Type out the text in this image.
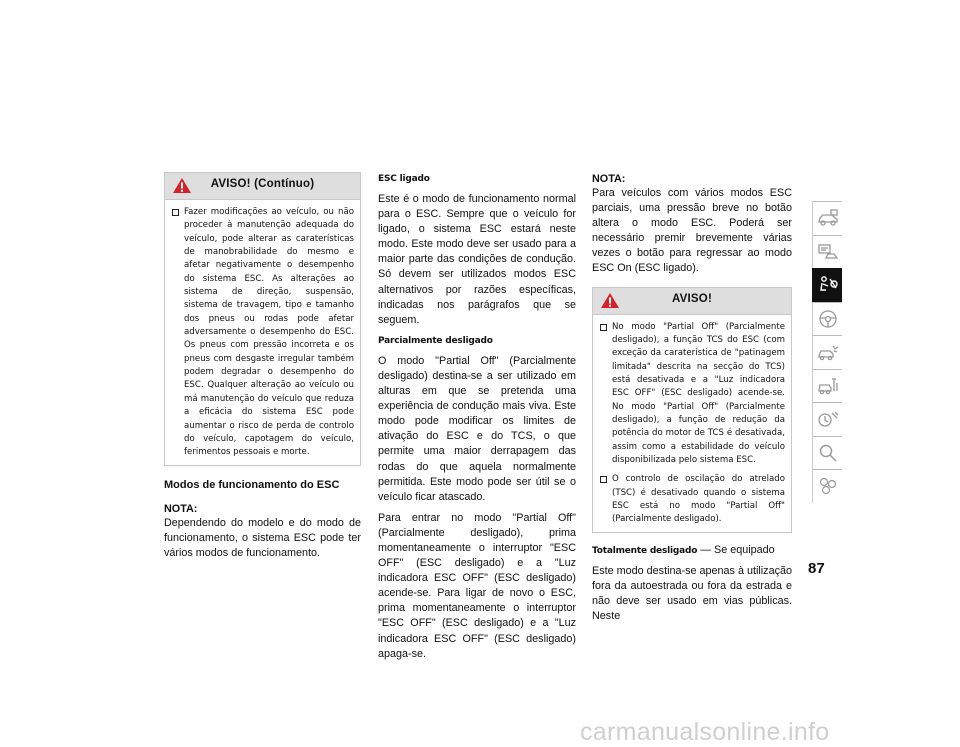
AVISO! (Contínuo)
Fazer modificações ao veículo, ou não proceder à manutenção adequada do veículo, pode alterar as caraterísticas de manobrabilidade do mesmo e afetar negativamente o desempenho do sistema ESC. As alterações ao sistema de direção, suspensão, sistema de travagem, tipo e tamanho dos pneus ou rodas pode afetar adversamente o desempenho do ESC. Os pneus com pressão incorreta e os pneus com desgaste irregular também podem degradar o desempenho do ESC. Qualquer alteração ao veículo ou má manutenção do veículo que reduza a eficácia do sistema ESC pode aumentar o risco de perda de controlo do veículo, capotagem do veículo, ferimentos pessoais e morte.
Modos de funcionamento do ESC
NOTA:

Dependendo do modelo e do modo de funcionamento, o sistema ESC pode ter vários modos de funcionamento.

ESC ligado

Este é o modo de funcionamento normal para o ESC. Sempre que o veículo for ligado, o sistema ESC estará neste modo. Este modo deve ser usado para a maior parte das condições de condução. Só devem ser utilizados modos ESC alternativos por razões específicas, indicadas nos parágrafos que se seguem.

Parcialmente desligado

O modo "Partial Off" (Parcialmente desligado) destina-se a ser utilizado em alturas em que se pretenda uma experiência de condução mais viva. Este modo pode modificar os limites de ativação do ESC e do TCS, o que permite uma maior derrapagem das rodas do que aquela normalmente permitida. Este modo pode ser útil se o veículo ficar atascado.

Para entrar no modo "Partial Off" (Parcialmente desligado), prima momentaneamente o interruptor "ESC OFF" (ESC desligado) e a "Luz indicadora ESC OFF" (ESC desligado) acende-se. Para ligar de novo o ESC, prima momentaneamente o interruptor "ESC OFF" (ESC desligado) e a "Luz indicadora ESC OFF" (ESC desligado) apaga-se.

NOTA:

Para veículos com vários modos ESC parciais, uma pressão breve no botão altera o modo ESC. Poderá ser necessário premir brevemente várias vezes o botão para regressar ao modo ESC On (ESC ligado).

AVISO!
No modo "Partial Off" (Parcialmente desligado), a função TCS do ESC (com exceção da caraterística de "patinagem limitada" descrita na secção do TCS) está desativada e a "Luz indicadora ESC OFF" (ESC desligado) acende-se. No modo "Partial Off" (Parcialmente desligado), a função de redução da potência do motor de TCS é desativada, assim como a estabilidade do veículo disponibilizada pelo sistema ESC.
O controlo de oscilação do atrelado (TSC) é desativado quando o sistema ESC está no modo "Partial Off" (Parcialmente desligado).
Totalmente desligado — Se equipado

Este modo destina-se apenas à utilização fora da autoestrada ou fora da estrada e não deve ser usado em vias públicas. Neste

87
carmanualsonline.info
